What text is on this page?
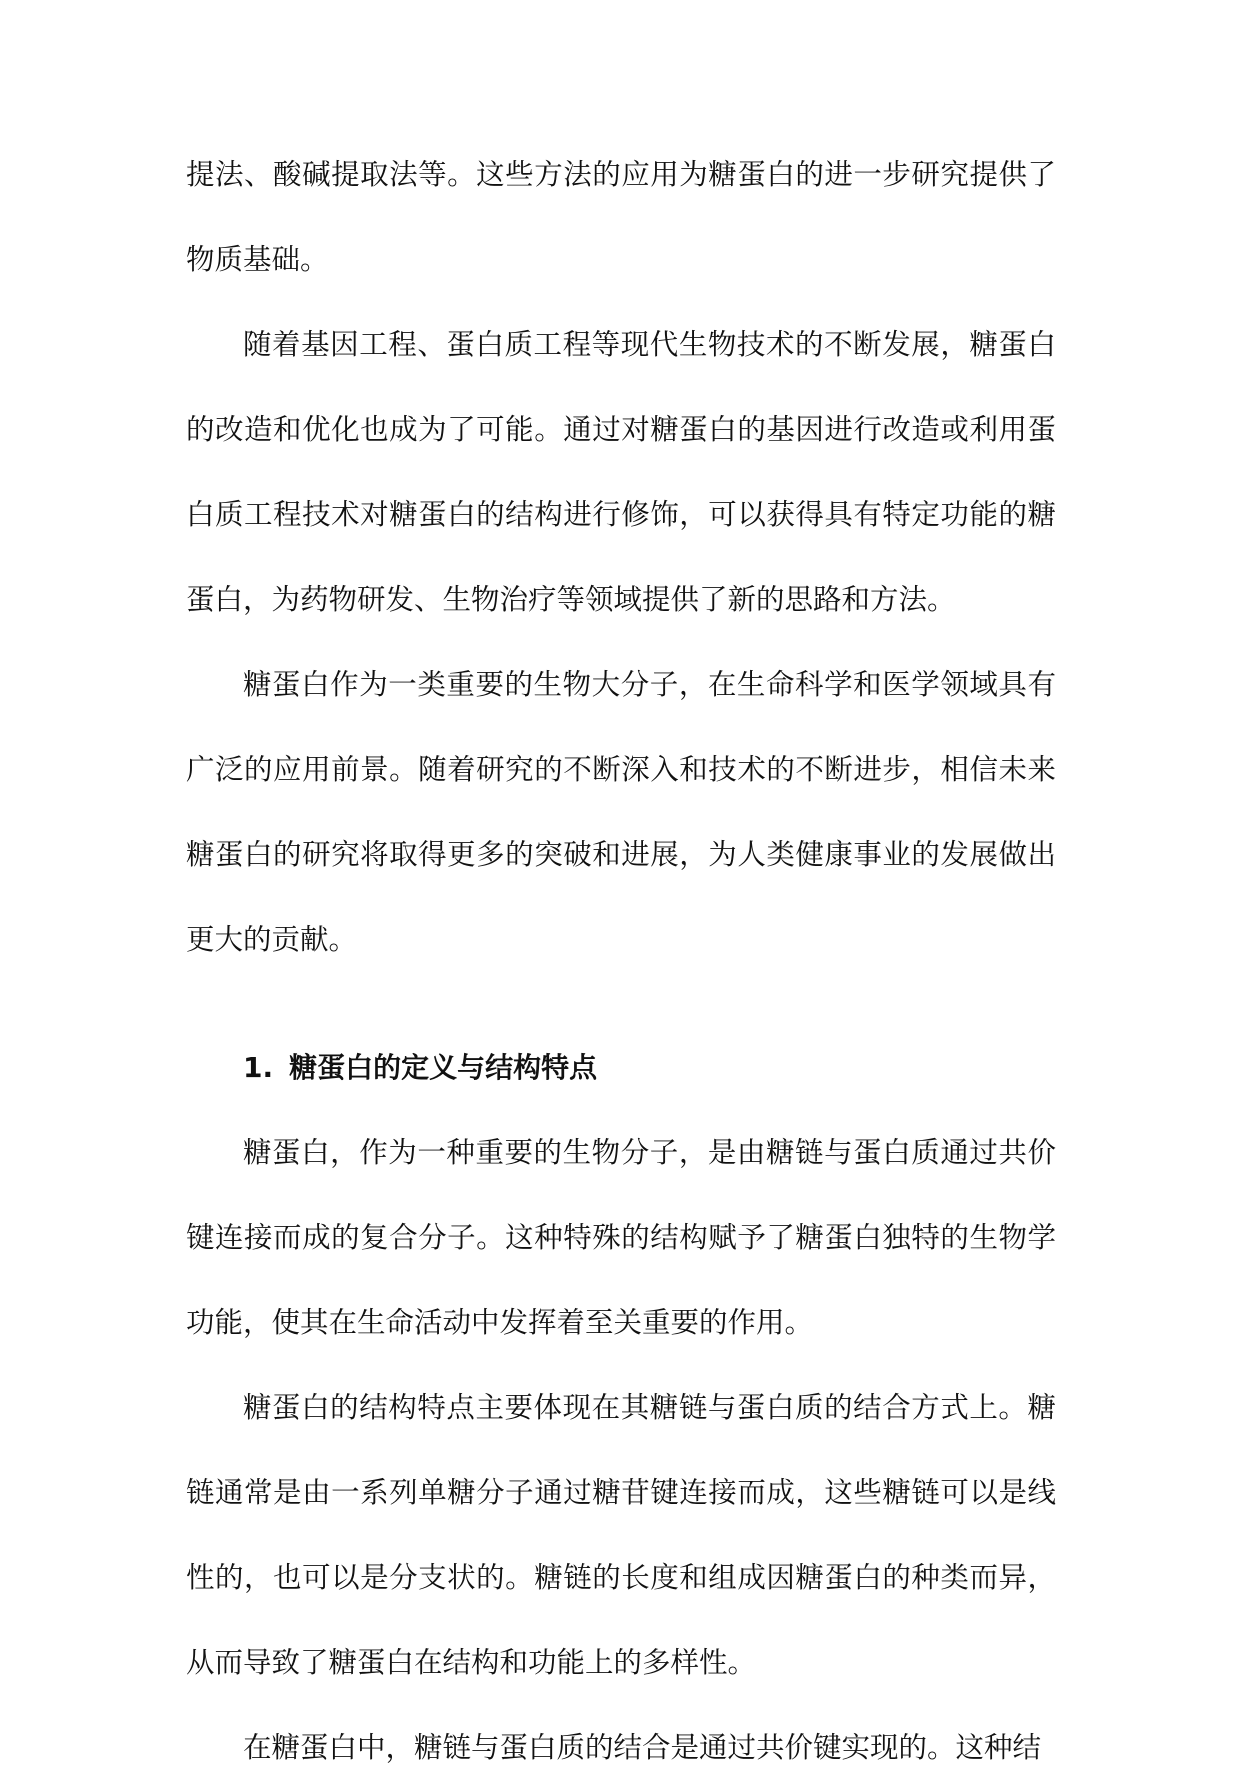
提法、酸碱提取法等。这些方法的应用为糖蛋白的进一步研究提供了物质基础。

随着基因工程、蛋白质工程等现代生物技术的不断发展，糖蛋白的改造和优化也成为了可能。通过对糖蛋白的基因进行改造或利用蛋白质工程技术对糖蛋白的结构进行修饰，可以获得具有特定功能的糖蛋白，为药物研发、生物治疗等领域提供了新的思路和方法。

糖蛋白作为一类重要的生物大分子，在生命科学和医学领域具有广泛的应用前景。随着研究的不断深入和技术的不断进步，相信未来糖蛋白的研究将取得更多的突破和进展，为人类健康事业的发展做出更大的贡献。

1. 糖蛋白的定义与结构特点

糖蛋白，作为一种重要的生物分子，是由糖链与蛋白质通过共价键连接而成的复合分子。这种特殊的结构赋予了糖蛋白独特的生物学功能，使其在生命活动中发挥着至关重要的作用。

糖蛋白的结构特点主要体现在其糖链与蛋白质的结合方式上。糖链通常是由一系列单糖分子通过糖苷键连接而成，这些糖链可以是线性的，也可以是分支状的。糖链的长度和组成因糖蛋白的种类而异，从而导致了糖蛋白在结构和功能上的多样性。

在糖蛋白中，糖链与蛋白质的结合是通过共价键实现的。这种结
